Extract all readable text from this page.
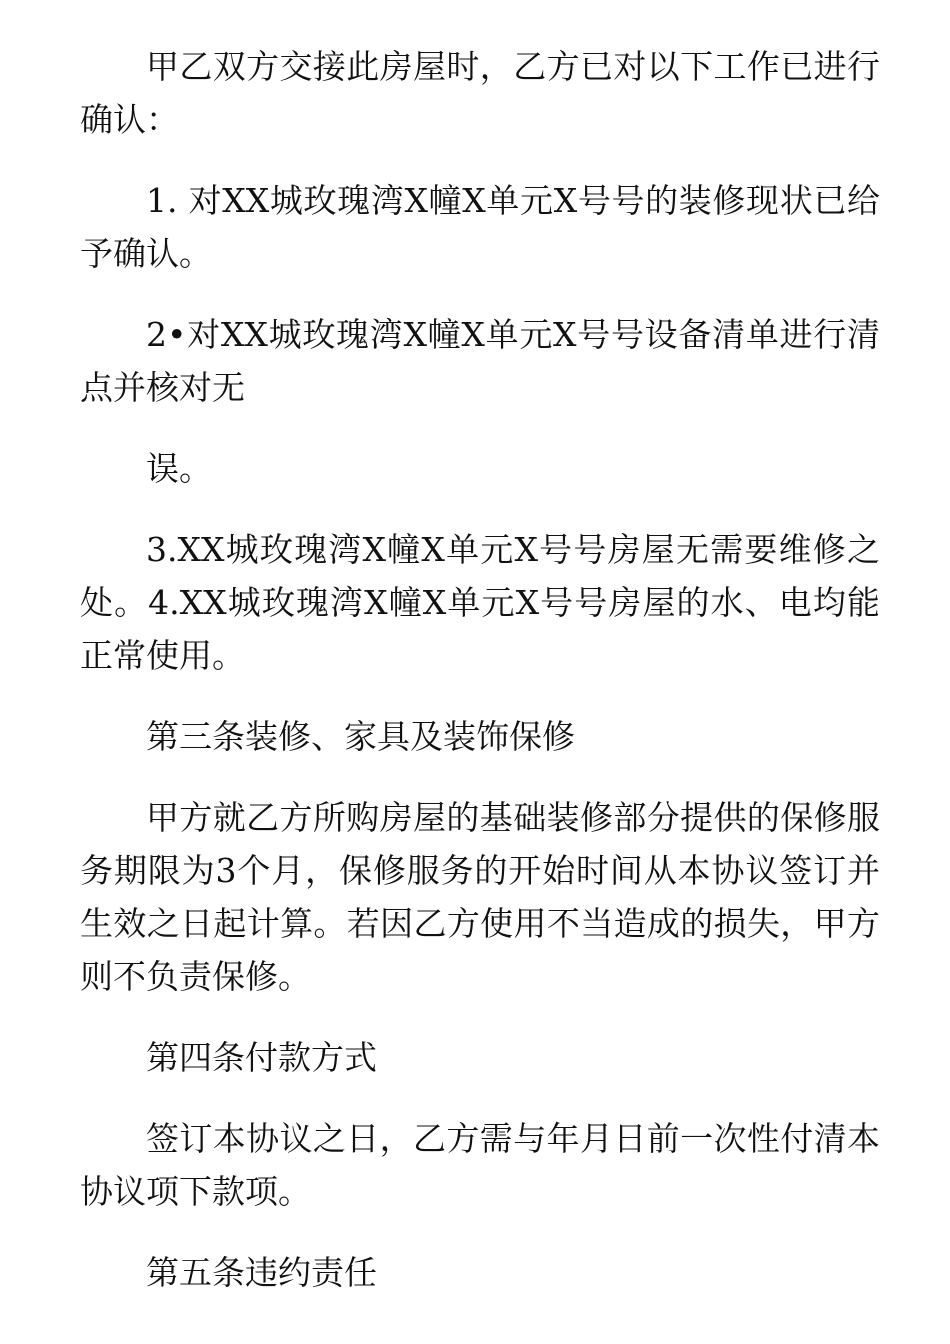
甲乙双方交接此房屋时，乙方已对以下工作已进行确认：

1. 对XX城玫瑰湾X幢X单元X号号的装修现状已给予确认。

2•对XX城玫瑰湾X幢X单元X号号设备清单进行清点并核对无

误。

3.XX城玫瑰湾X幢X单元X号号房屋无需要维修之处。4.XX城玫瑰湾X幢X单元X号号房屋的水、电均能正常使用。

第三条装修、家具及装饰保修

甲方就乙方所购房屋的基础装修部分提供的保修服务期限为3个月，保修服务的开始时间从本协议签订并生效之日起计算。若因乙方使用不当造成的损失，甲方则不负责保修。

第四条付款方式

签订本协议之日，乙方需与年月日前一次性付清本协议项下款项。

第五条违约责任
